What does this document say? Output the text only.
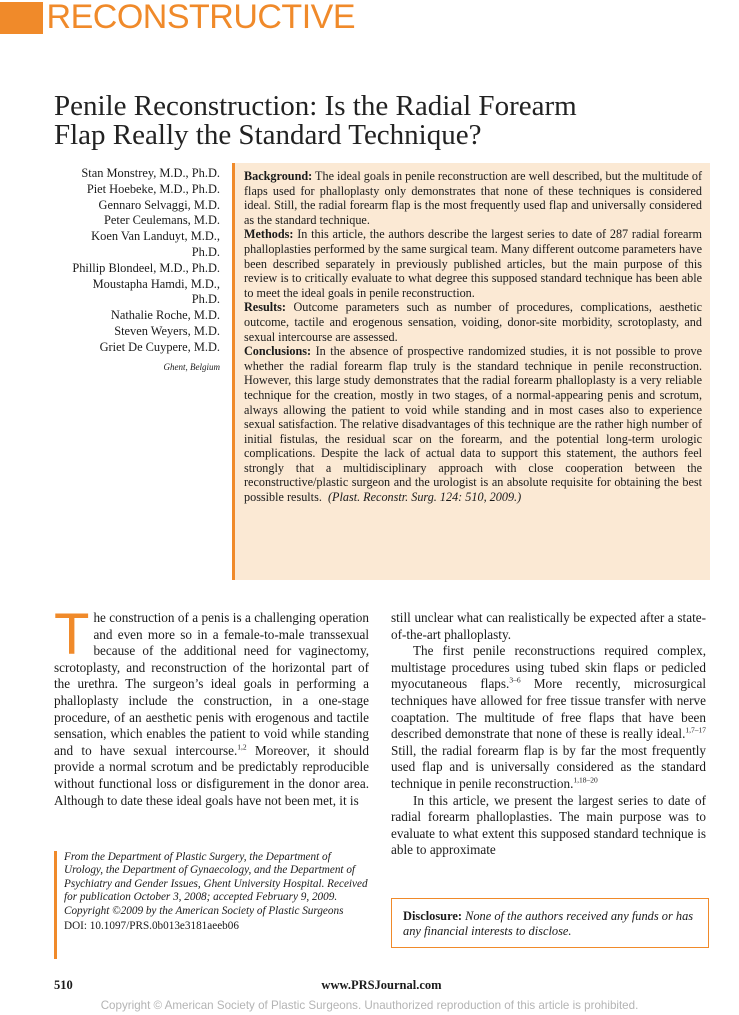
RECONSTRUCTIVE
Penile Reconstruction: Is the Radial Forearm
Flap Really the Standard Technique?
Stan Monstrey, M.D., Ph.D.
Piet Hoebeke, M.D., Ph.D.
Gennaro Selvaggi, M.D.
Peter Ceulemans, M.D.
Koen Van Landuyt, M.D.,
Ph.D.
Phillip Blondeel, M.D., Ph.D.
Moustapha Hamdi, M.D.,
Ph.D.
Nathalie Roche, M.D.
Steven Weyers, M.D.
Griet De Cuypere, M.D.
Ghent, Belgium

Background: The ideal goals in penile reconstruction are well described, but the multitude of flaps used for phalloplasty only demonstrates that none of these techniques is considered ideal. Still, the radial forearm flap is the most frequently used flap and universally considered as the standard technique.

Methods: In this article, the authors describe the largest series to date of 287 radial forearm phalloplasties performed by the same surgical team. Many different outcome parameters have been described separately in previously published articles, but the main purpose of this review is to critically evaluate to what degree this supposed standard technique has been able to meet the ideal goals in penile reconstruction.

Results: Outcome parameters such as number of procedures, complications, aesthetic outcome, tactile and erogenous sensation, voiding, donor-site morbidity, scrotoplasty, and sexual intercourse are assessed.

Conclusions: In the absence of prospective randomized studies, it is not possible to prove whether the radial forearm flap truly is the standard technique in penile reconstruction. However, this large study demonstrates that the radial forearm phalloplasty is a very reliable technique for the creation, mostly in two stages, of a normal-appearing penis and scrotum, always allowing the patient to void while standing and in most cases also to experience sexual satisfaction. The relative disadvantages of this technique are the rather high number of initial fistulas, the residual scar on the forearm, and the potential long-term urologic complications. Despite the lack of actual data to support this statement, the authors feel strongly that a multidisciplinary approach with close cooperation between the reconstructive/plastic surgeon and the urologist is an absolute requisite for obtaining the best possible results. (Plast. Reconstr. Surg. 124: 510, 2009.)

The construction of a penis is a challenging operation and even more so in a female-to-male transsexual because of the additional need for vaginectomy, scrotoplasty, and reconstruction of the horizontal part of the urethra. The surgeon’s ideal goals in performing a phalloplasty include the construction, in a one-stage procedure, of an aesthetic penis with erogenous and tactile sensation, which enables the patient to void while standing and to have sexual intercourse.$^{1,2}$ Moreover, it should provide a normal scrotum and be predictably reproducible without functional loss or disfigurement in the donor area. Although to date these ideal goals have not been met, it is

still unclear what can realistically be expected after a state-of-the-art phalloplasty.

The first penile reconstructions required complex, multistage procedures using tubed skin flaps or pedicled myocutaneous flaps.$^{3-6}$ More recently, microsurgical techniques have allowed for free tissue transfer with nerve coaptation. The multitude of free flaps that have been described demonstrate that none of these is really ideal.$^{1,7-17}$ Still, the radial forearm flap is by far the most frequently used flap and is universally considered as the standard technique in penile reconstruction.$^{1,18-20}$

In this article, we present the largest series to date of radial forearm phalloplasties. The main purpose was to evaluate to what extent this supposed standard technique is able to approximate

From the Department of Plastic Surgery, the Department of Urology, the Department of Gynaecology, and the Department of Psychiatry and Gender Issues, Ghent University Hospital. Received for publication October 3, 2008; accepted February 9, 2009.
Copyright ©2009 by the American Society of Plastic Surgeons
DOI: 10.1097/PRS.0b013e3181aeeb06
Disclosure: None of the authors received any funds or has any financial interests to disclose.
510	www.PRSJournal.com
Copyright © American Society of Plastic Surgeons. Unauthorized reproduction of this article is prohibited.
